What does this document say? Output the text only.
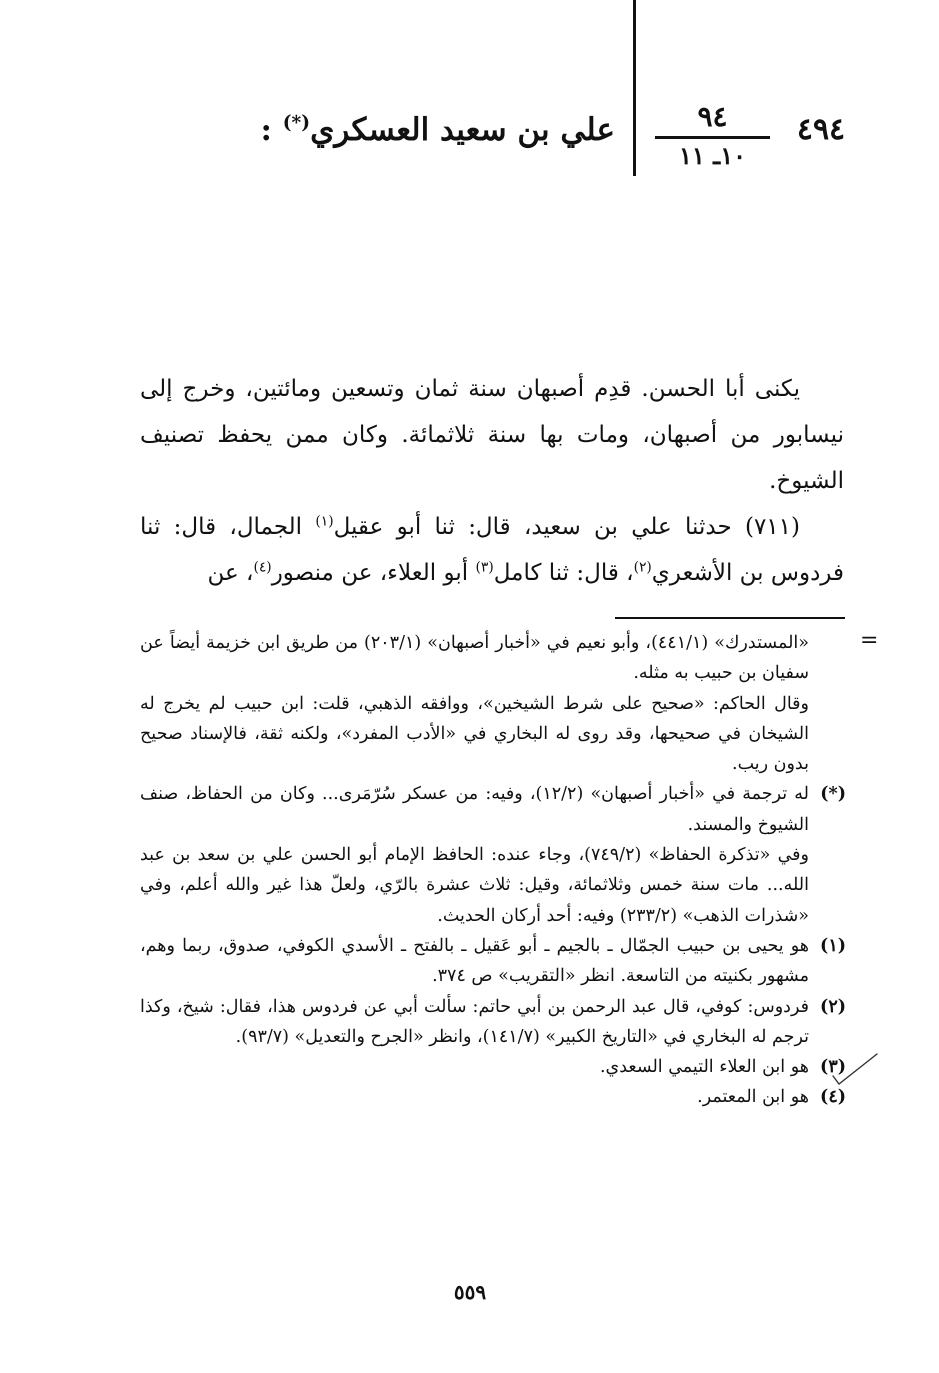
٤٩٤
٩٤
١٠ـ ١١
علي بن سعيد العسكري(*) :

يكنى أبا الحسن. قدِم أصبهان سنة ثمان وتسعين ومائتين، وخرج إلى نيسابور من أصبهان، ومات بها سنة ثلاثمائة. وكان ممن يحفظ تصنيف الشيوخ.

(٧١١) حدثنا علي بن سعيد، قال: ثنا أبو عقيل$^{(١)}$ الجمال، قال: ثنا فردوس بن الأشعري$^{(٢)}$، قال: ثنا كامل$^{(٣)}$ أبو العلاء، عن منصور$^{(٤)}$، عن

=
«المستدرك» (٤٤١/١)، وأبو نعيم في «أخبار أصبهان» (٢٠٣/١) من طريق ابن خزيمة أيضاً عن سفيان بن حبيب به مثله.
وقال الحاكم: «صحيح على شرط الشيخين»، ووافقه الذهبي، قلت: ابن حبيب لم يخرج له الشيخان في صحيحها، وقد روى له البخاري في «الأدب المفرد»، ولكنه ثقة، فالإسناد صحيح بدون ريب.
(*)
له ترجمة في «أخبار أصبهان» (١٢/٢)، وفيه: من عسكر سُرّمَرى... وكان من الحفاظ، صنف الشيوخ والمسند.
وفي «تذكرة الحفاظ» (٧٤٩/٢)، وجاء عنده: الحافظ الإمام أبو الحسن علي بن سعد بن عبد الله... مات سنة خمس وثلاثمائة، وقيل: ثلاث عشرة بالرّي، ولعلّ هذا غير والله أعلم، وفي «شذرات الذهب» (٢٣٣/٢) وفيه: أحد أركان الحديث.
(١)
هو يحيى بن حبيب الجمّال ـ بالجيم ـ أبو عَقيل ـ بالفتح ـ الأسدي الكوفي، صدوق، ربما وهم، مشهور بكنيته من التاسعة. انظر «التقريب» ص ٣٧٤.
(٢)
فردوس: كوفي، قال عبد الرحمن بن أبي حاتم: سألت أبي عن فردوس هذا، فقال: شيخ، وكذا ترجم له البخاري في «التاريخ الكبير» (١٤١/٧)، وانظر «الجرح والتعديل» (٩٣/٧).
(٣)
هو ابن العلاء التيمي السعدي.
(٤)
هو ابن المعتمر.
٥٥٩
